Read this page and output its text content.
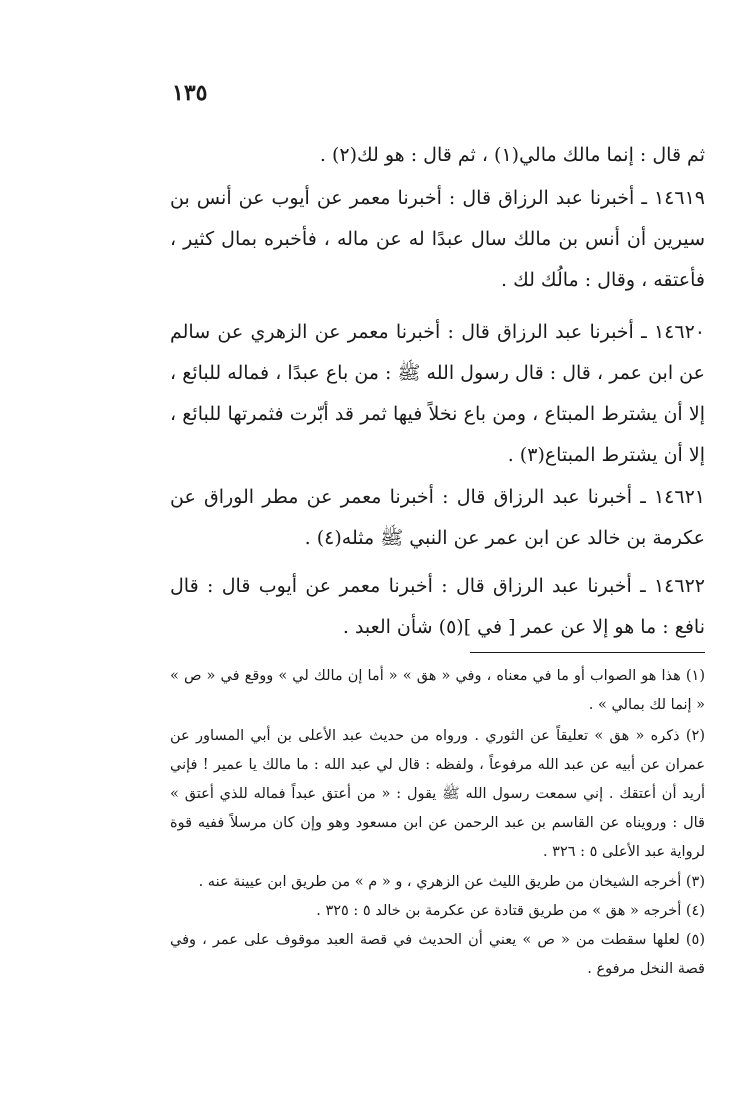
١٣٥

ثم قال : إنما مالك مالي(١) ، ثم قال : هو لك(٢) .

١٤٦١٩ ـ أخبرنا عبد الرزاق قال : أخبرنا معمر عن أيوب عن أنس بن سيرين أن أنس بن مالك سال عبدًا له عن ماله ، فأخبره بمال كثير ، فأعتقه ، وقال : مالُك لك .

١٤٦٢٠ ـ أخبرنا عبد الرزاق قال : أخبرنا معمر عن الزهري عن سالم عن ابن عمر ، قال : قال رسول الله ﷺ : من باع عبدًا ، فماله للبائع ، إلا أن يشترط المبتاع ، ومن باع نخلاً فيها ثمر قد أبّرت فثمرتها للبائع ، إلا أن يشترط المبتاع(٣) .

١٤٦٢١ ـ أخبرنا عبد الرزاق قال : أخبرنا معمر عن مطر الوراق عن عكرمة بن خالد عن ابن عمر عن النبي ﷺ مثله(٤) .

١٤٦٢٢ ـ أخبرنا عبد الرزاق قال : أخبرنا معمر عن أيوب قال : قال نافع : ما هو إلا عن عمر [ في ](٥) شأن العبد .

(١) هذا هو الصواب أو ما في معناه ، وفي « هق » « أما إن مالك لي » ووقع في « ص » « إنما لك بمالي » .

(٢) ذكره « هق » تعليقاً عن الثوري . ورواه من حديث عبد الأعلى بن أبي المساور عن عمران عن أبيه عن عبد الله مرفوعاً ، ولفظه : قال لي عبد الله : ما مالك يا عمير ! فإني أريد أن أعتقك . إني سمعت رسول الله ﷺ يقول : « من أعتق عبداً فماله للذي أعتق » قال : ورويناه عن القاسم بن عبد الرحمن عن ابن مسعود وهو وإن كان مرسلاً ففيه قوة لرواية عبد الأعلى ٥ : ٣٢٦ .

(٣) أخرجه الشيخان من طريق الليث عن الزهري ، و « م » من طريق ابن عيينة عنه .

(٤) أخرجه « هق » من طريق قتادة عن عكرمة بن خالد ٥ : ٣٢٥ .

(٥) لعلها سقطت من « ص » يعني أن الحديث في قصة العبد موقوف على عمر ، وفي قصة النخل مرفوع .
